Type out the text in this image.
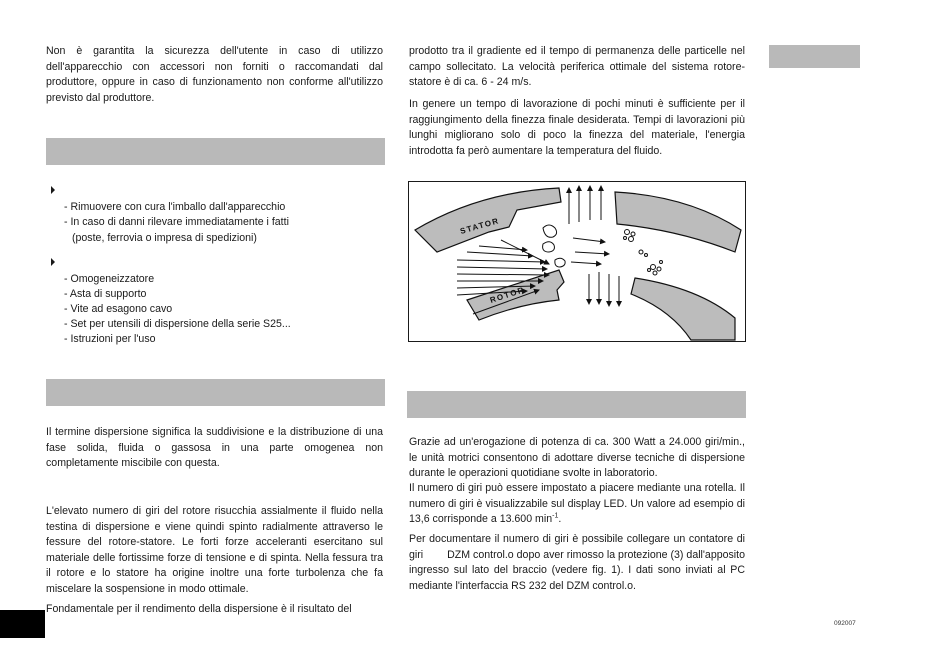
Non è garantita la sicurezza dell'utente in caso di utilizzo dell'apparecchio con accessori non forniti o raccomandati dal produttore, oppure in caso di funzionamento non conforme all'utilizzo previsto dal produttore.

- Rimuovere con cura l'imballo dall'apparecchio
- In caso di danni rilevare immediatamente i fatti
(poste, ferrovia o impresa di spedizioni)
- Omogeneizzatore
- Asta di supporto
- Vite ad esagono cavo
- Set per utensili di dispersione della serie S25...
- Istruzioni per l'uso

Il termine dispersione significa la suddivisione e la distribuzione di una fase solida, fluida o gassosa in una parte omogenea non completamente miscibile con questa.

L'elevato numero di giri del rotore risucchia assialmente il fluido nella testina di dispersione e viene quindi spinto radialmente attraverso le fessure del rotore-statore. Le forti forze acceleranti esercitano sul materiale delle fortissime forze di tensione e di spinta. Nella fessura tra il rotore e lo statore ha origine inoltre una forte turbolenza che fa miscelare la sospensione in modo ottimale.

Fondamentale per il rendimento della dispersione è il risultato del

prodotto tra il gradiente ed il tempo di permanenza delle particelle nel campo sollecitato. La velocità periferica ottimale del sistema rotore-statore è di ca. 6 - 24 m/s.

In genere un tempo di lavorazione di pochi minuti è sufficiente per il raggiungimento della finezza finale desiderata. Tempi di lavorazioni più lunghi migliorano solo di poco la finezza del materiale, l'energia introdotta fa però aumentare la temperatura del fluido.

STATOR
ROTOR

Grazie ad un'erogazione di potenza di ca. 300 Watt a 24.000 giri/min., le unità motrici consentono di adottare diverse tecniche di dispersione durante le operazioni quotidiane svolte in laboratorio.

Il numero di giri può essere impostato a piacere mediante una rotella. Il numero di giri è visualizzabile sul display LED. Un valore ad esempio di 13,6 corrisponde a 13.600 $\min^{-1}$.

Per documentare il numero di giri è possibile collegare un contatore di giri DZM control.o dopo aver rimosso la protezione (3) dall'apposito ingresso sul lato del braccio (vedere fig. 1). I dati sono inviati al PC mediante l'interfaccia RS 232 del DZM control.o.

092007
